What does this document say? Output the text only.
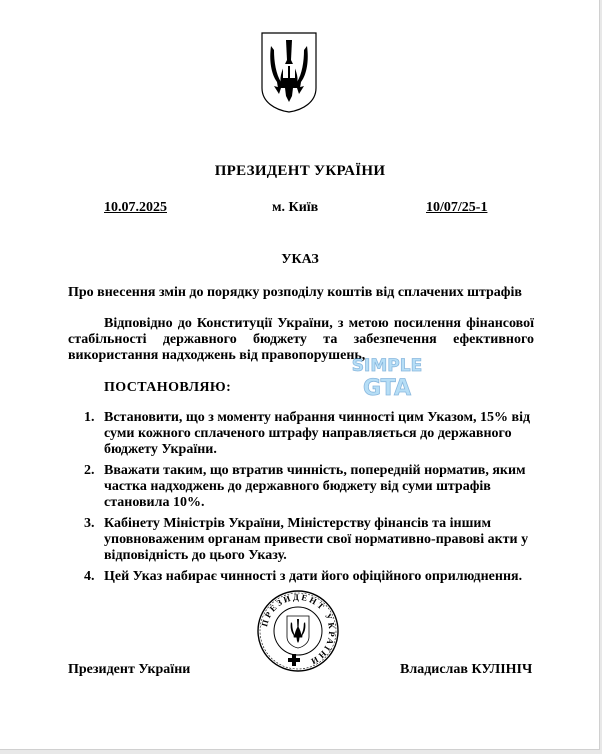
ПРЕЗИДЕНТ УКРАЇНИ
10.07.2025	м. Київ	10/07/25-1
УКАЗ
Про внесення змін до порядку розподілу коштів від сплачених штрафів
Відповідно до Конституції України, з метою посилення фінансової стабільності державного бюджету та забезпечення ефективного використання надходжень від правопорушень,
ПОСТАНОВЛЯЮ:
1. Встановити, що з моменту набрання чинності цим Указом, 15% від суми кожного сплаченого штрафу направляється до державного бюджету України.
2. Вважати таким, що втратив чинність, попередній норматив, яким частка надходжень до державного бюджету від суми штрафів становила 10%.
3. Кабінету Міністрів України, Міністерству фінансів та іншим уповноваженим органам привести свої нормативно-правові акти у відповідність до цього Указу.
4. Цей Указ набирає чинності з дати його офіційного оприлюднення.
ПРЕЗИДЕНТ УКРАЇНИ
SIMPLE
GTA
Президент України	Владислав КУЛІНІЧ
